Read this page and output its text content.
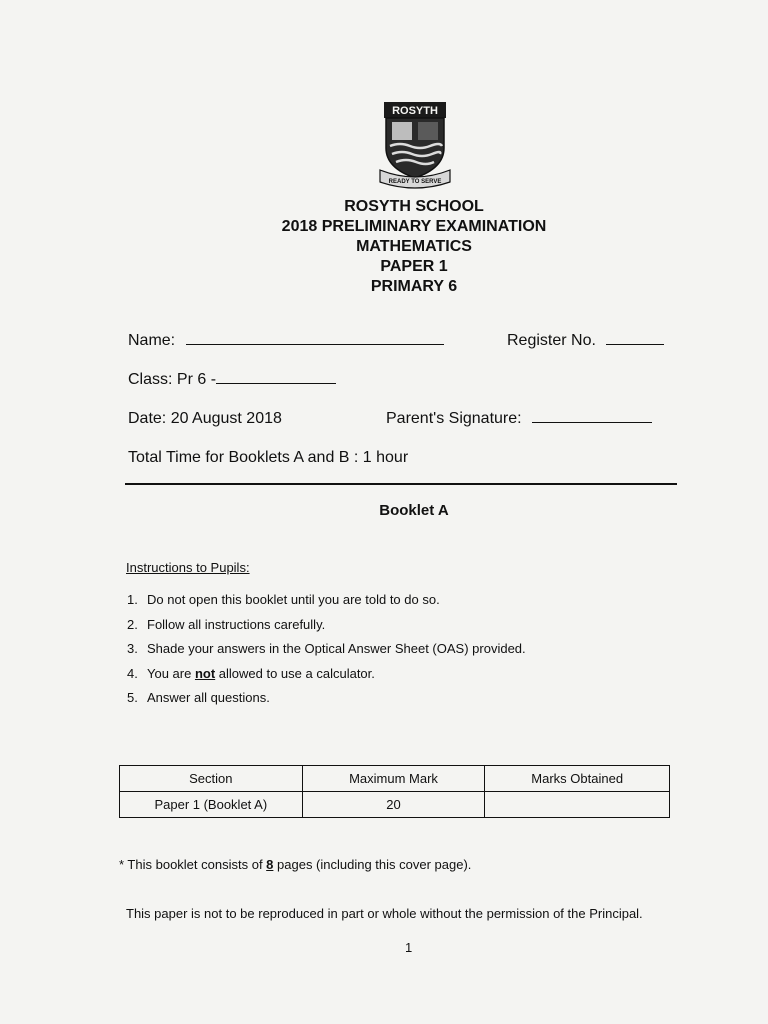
ROSYTH
READY TO SERVE
ROSYTH SCHOOL
2018 PRELIMINARY EXAMINATION
MATHEMATICS
PAPER 1
PRIMARY 6
Name:	Register No.
Class: Pr 6 -
Date: 20 August 2018	Parent's Signature:
Total Time for Booklets A and B : 1 hour
Booklet A
Instructions to Pupils:
1. Do not open this booklet until you are told to do so.
2. Follow all instructions carefully.
3. Shade your answers in the Optical Answer Sheet (OAS) provided.
4. You are not allowed to use a calculator.
5. Answer all questions.
Section	Maximum Mark	Marks Obtained
Paper 1 (Booklet A)	20	
* This booklet consists of 8 pages (including this cover page).
This paper is not to be reproduced in part or whole without the permission of the Principal.
1
